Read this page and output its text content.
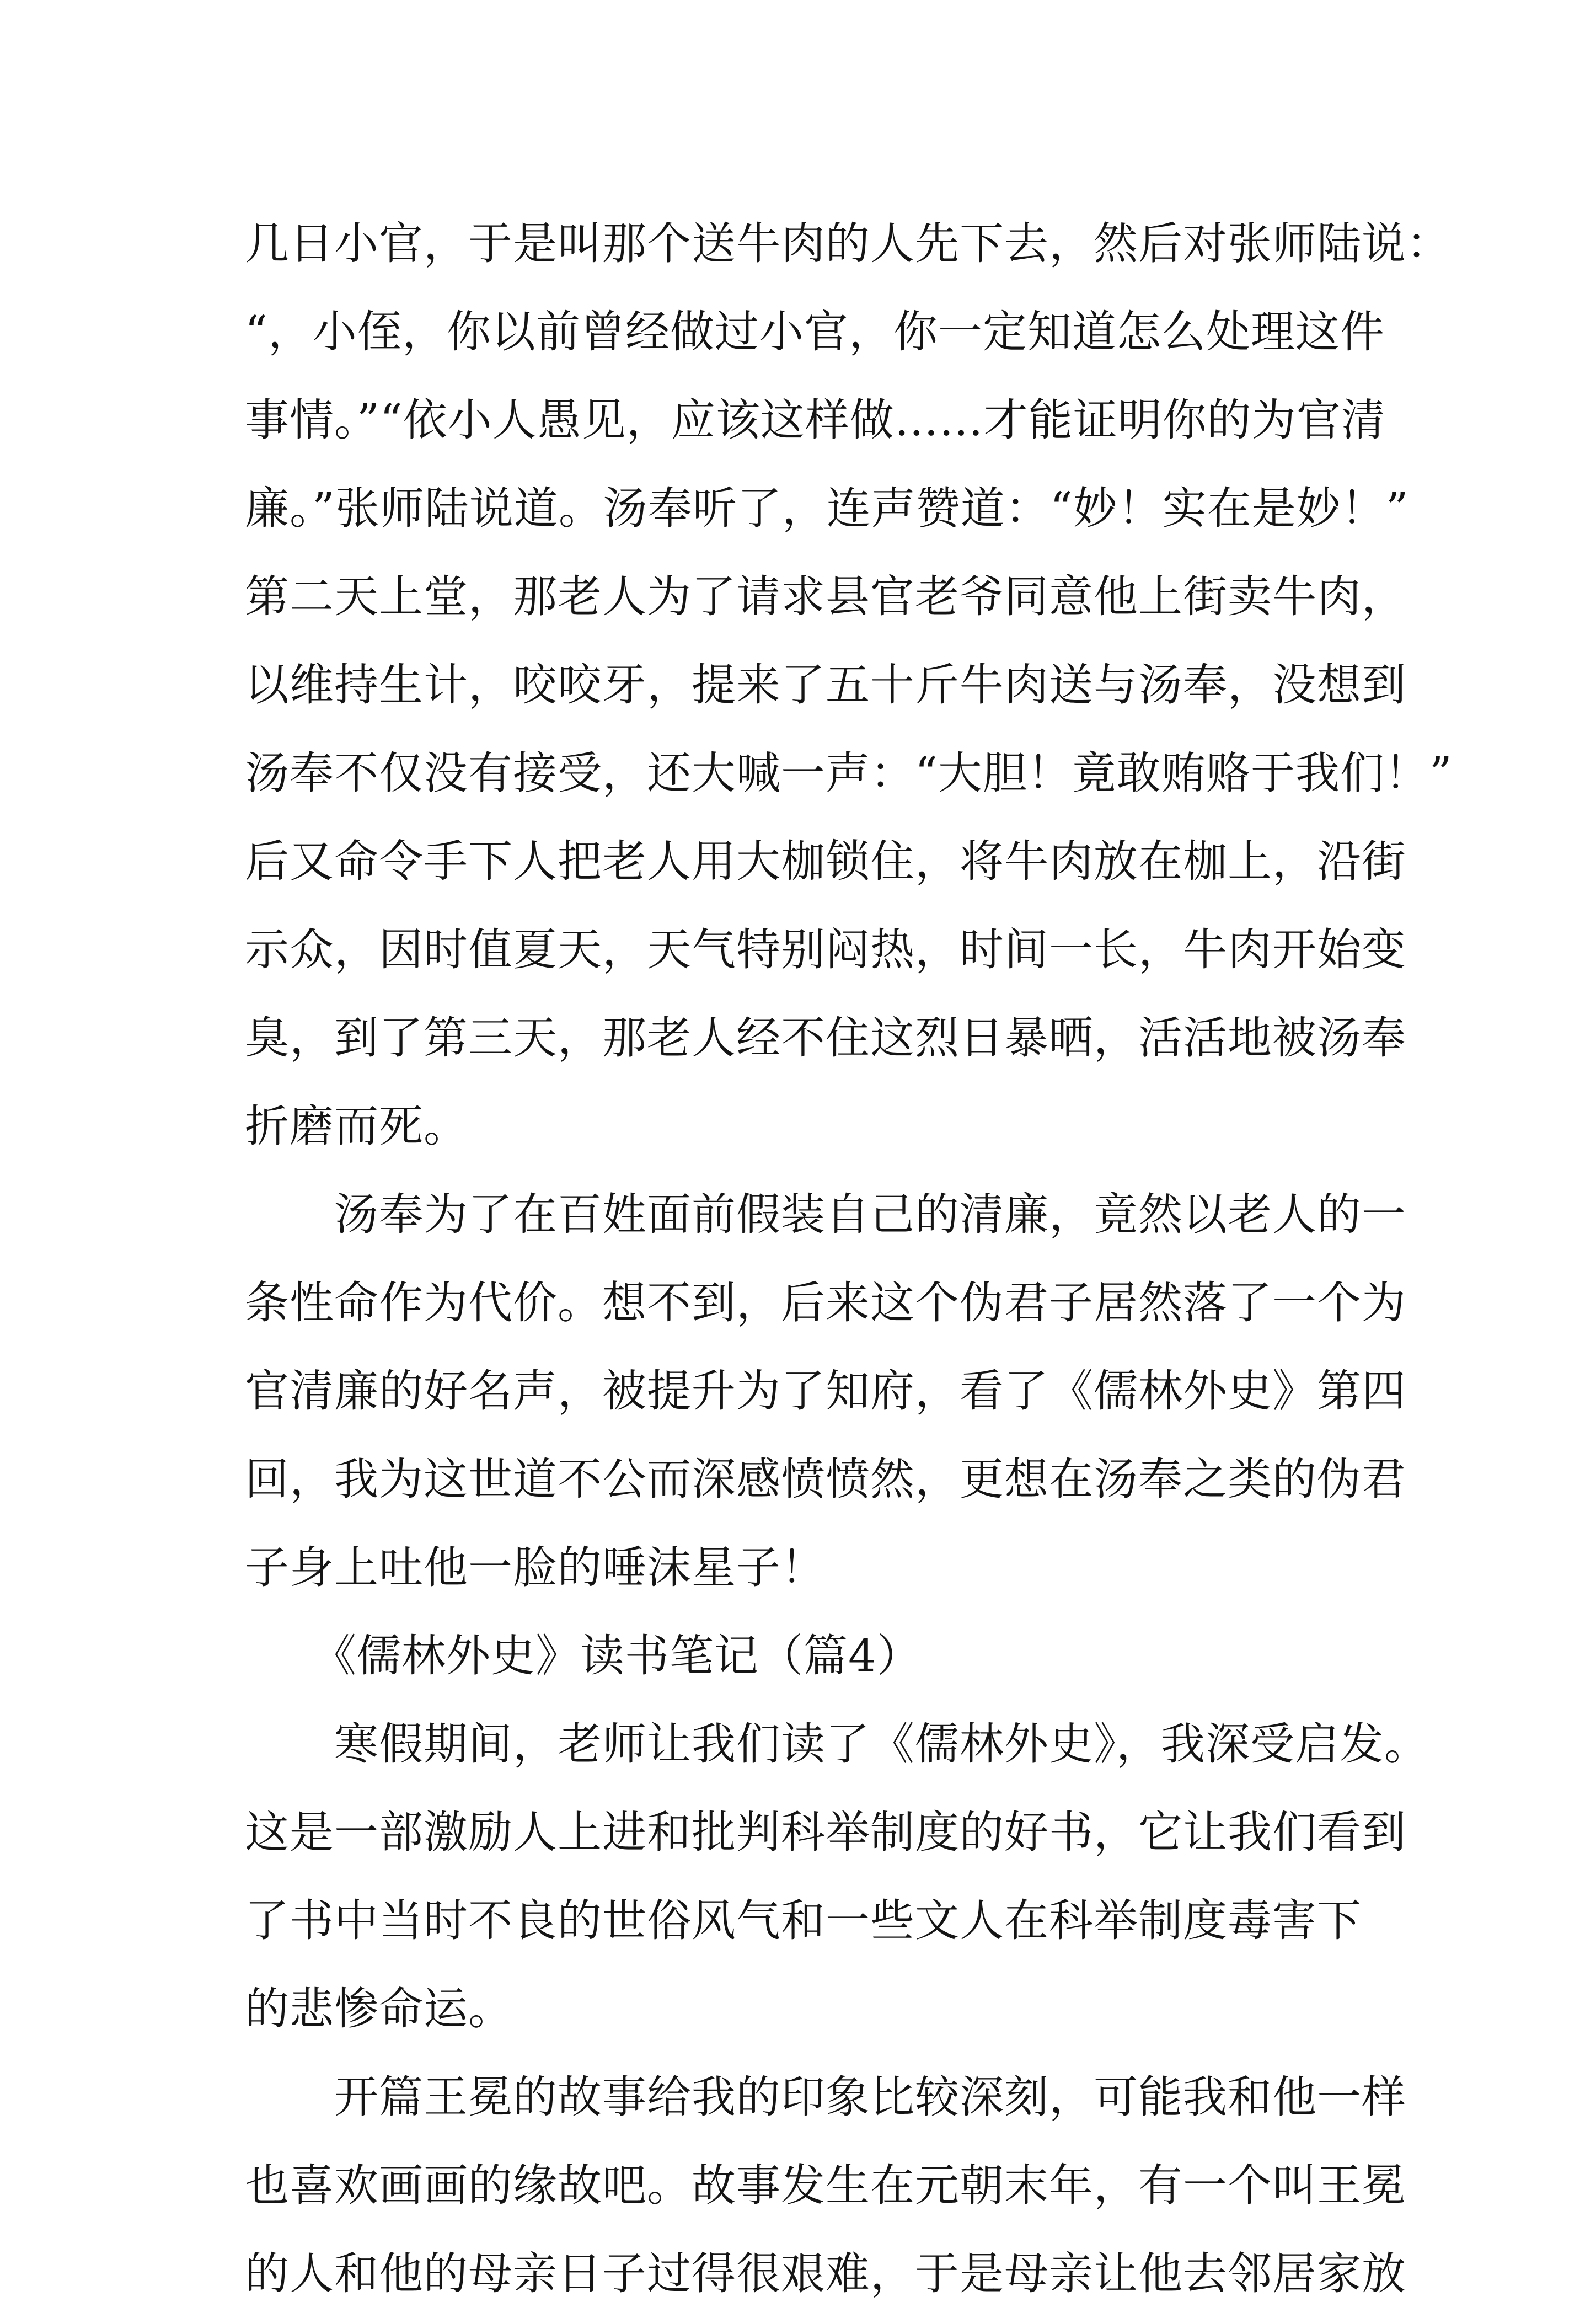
几日小官，于是叫那个送牛肉的人先下去，然后对张师陆说：
“，小侄，你以前曾经做过小官，你一定知道怎么处理这件
事情。”“依小人愚见，应该这样做……才能证明你的为官清
廉。”张师陆说道。汤奉听了，连声赞道：“妙！实在是妙！”
第二天上堂，那老人为了请求县官老爷同意他上街卖牛肉，
以维持生计，咬咬牙，提来了五十斤牛肉送与汤奉，没想到
汤奉不仅没有接受，还大喊一声：“大胆！竟敢贿赂于我们！”
后又命令手下人把老人用大枷锁住，将牛肉放在枷上，沿街
示众，因时值夏天，天气特别闷热，时间一长，牛肉开始变
臭，到了第三天，那老人经不住这烈日暴晒，活活地被汤奉
折磨而死。
　　汤奉为了在百姓面前假装自己的清廉，竟然以老人的一
条性命作为代价。想不到，后来这个伪君子居然落了一个为
官清廉的好名声，被提升为了知府，看了《儒林外史》第四
回，我为这世道不公而深感愤愤然，更想在汤奉之类的伪君
子身上吐他一脸的唾沫星子！
　　《儒林外史》读书笔记（篇4）
　　寒假期间，老师让我们读了《儒林外史》，我深受启发。
这是一部激励人上进和批判科举制度的好书，它让我们看到
了书中当时不良的世俗风气和一些文人在科举制度毒害下
的悲惨命运。
　　开篇王冕的故事给我的印象比较深刻，可能我和他一样
也喜欢画画的缘故吧。故事发生在元朝末年，有一个叫王冕
的人和他的母亲日子过得很艰难，于是母亲让他去邻居家放
